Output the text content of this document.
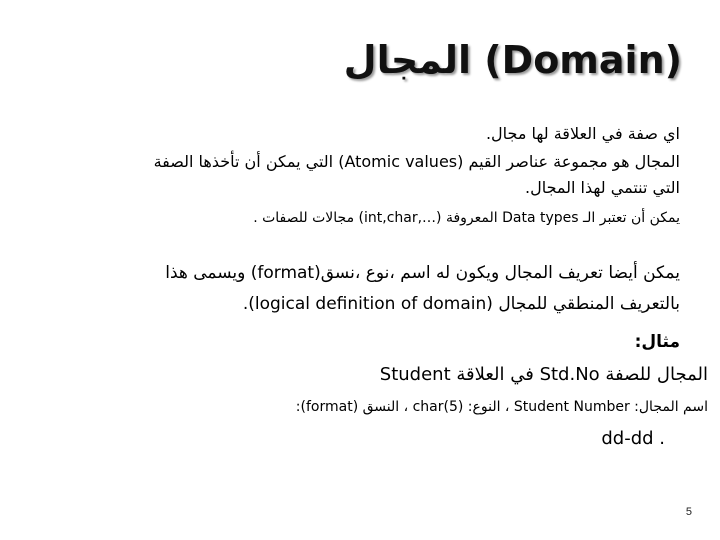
المجال (Domain)
اي صفة في العلاقة لها مجال.
المجال هو مجموعة عناصر القيم (Atomic values) التي يمكن أن تأخذها الصفة
التي تنتمي لهذا المجال.
يمكن أن تعتبر الـ Data types المعروفة (…,int,char) مجالات للصفات .
يمكن أيضا تعريف المجال ويكون له اسم ،نوع ،نسق(format) ويسمى هذا
بالتعريف المنطقي للمجال (logical definition of domain).
مثال:
المجال للصفة Std.No في العلاقة Student
اسم المجال: Student Number ، النوع: char(5) ، النسق (format):
. dd-dd
5
